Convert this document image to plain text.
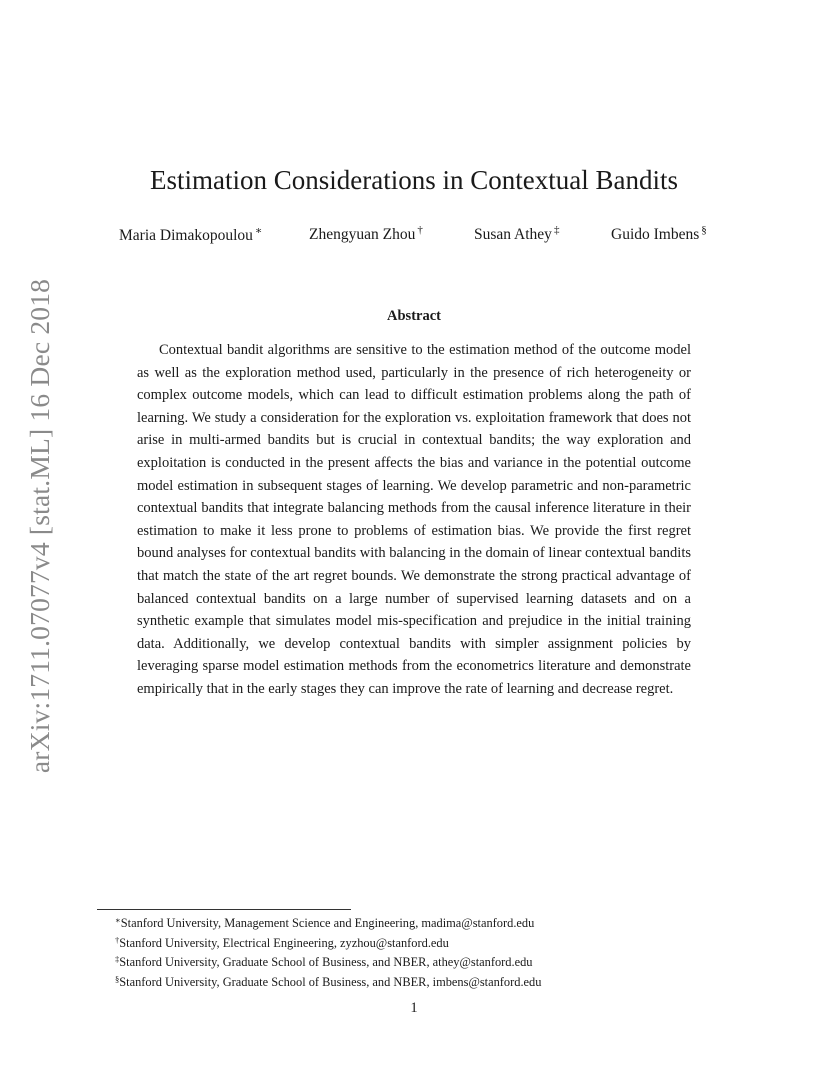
arXiv:1711.07077v4 [stat.ML] 16 Dec 2018
Estimation Considerations in Contextual Bandits
Maria Dimakopoulou ∗	Zhengyuan Zhou †	Susan Athey ‡	Guido Imbens §
Abstract

Contextual bandit algorithms are sensitive to the estimation method of the outcome model as well as the exploration method used, particularly in the presence of rich heterogeneity or complex outcome models, which can lead to difficult estimation problems along the path of learning. We study a consideration for the exploration vs. exploitation framework that does not arise in multi-armed bandits but is crucial in contextual bandits; the way exploration and exploitation is conducted in the present affects the bias and variance in the potential outcome model estimation in subsequent stages of learning. We develop parametric and non-parametric contextual bandits that integrate balancing methods from the causal inference literature in their estimation to make it less prone to problems of estimation bias. We provide the first regret bound analyses for contextual bandits with balancing in the domain of linear contextual bandits that match the state of the art regret bounds. We demonstrate the strong practical advantage of balanced contextual bandits on a large number of supervised learning datasets and on a synthetic example that simulates model mis-specification and prejudice in the initial training data. Additionally, we develop contextual bandits with simpler assignment policies by leveraging sparse model estimation methods from the econometrics literature and demonstrate empirically that in the early stages they can improve the rate of learning and decrease regret.

∗Stanford University, Management Science and Engineering, madima@stanford.edu
†Stanford University, Electrical Engineering, zyzhou@stanford.edu
‡Stanford University, Graduate School of Business, and NBER, athey@stanford.edu
§Stanford University, Graduate School of Business, and NBER, imbens@stanford.edu
1
